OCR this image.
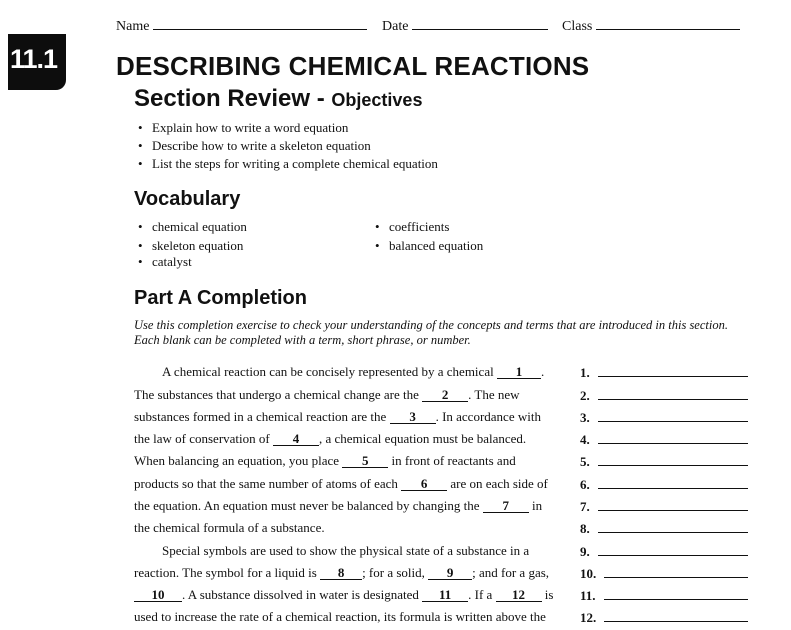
Name	Date	Class
11.1 DESCRIBING CHEMICAL REACTIONS
Section Review - Objectives
• Explain how to write a word equation
• Describe how to write a skeleton equation
• List the steps for writing a complete chemical equation
Vocabulary
• chemical equation
• skeleton equation
• catalyst
• coefficients
• balanced equation
Part A Completion
Use this completion exercise to check your understanding of the concepts and terms that are introduced in this section. Each blank can be completed with a term, short phrase, or number.
A chemical reaction can be concisely represented by a chemical 1 .
The substances that undergo a chemical change are the 2 . The new
substances formed in a chemical reaction are the 3 . In accordance with
the law of conservation of 4 , a chemical equation must be balanced.
When balancing an equation, you place 5 in front of reactants and
products so that the same number of atoms of each 6 are on each side of
the equation. An equation must never be balanced by changing the 7 in
the chemical formula of a substance.
Special symbols are used to show the physical state of a substance in a
reaction. The symbol for a liquid is 8 ; for a solid, 9 ; and for a gas,
10 . A substance dissolved in water is designated 11 . If a 12 is
used to increase the rate of a chemical reaction, its formula is written above the
1.
2.
3.
4.
5.
6.
7.
8.
9.
10.
11.
12.
